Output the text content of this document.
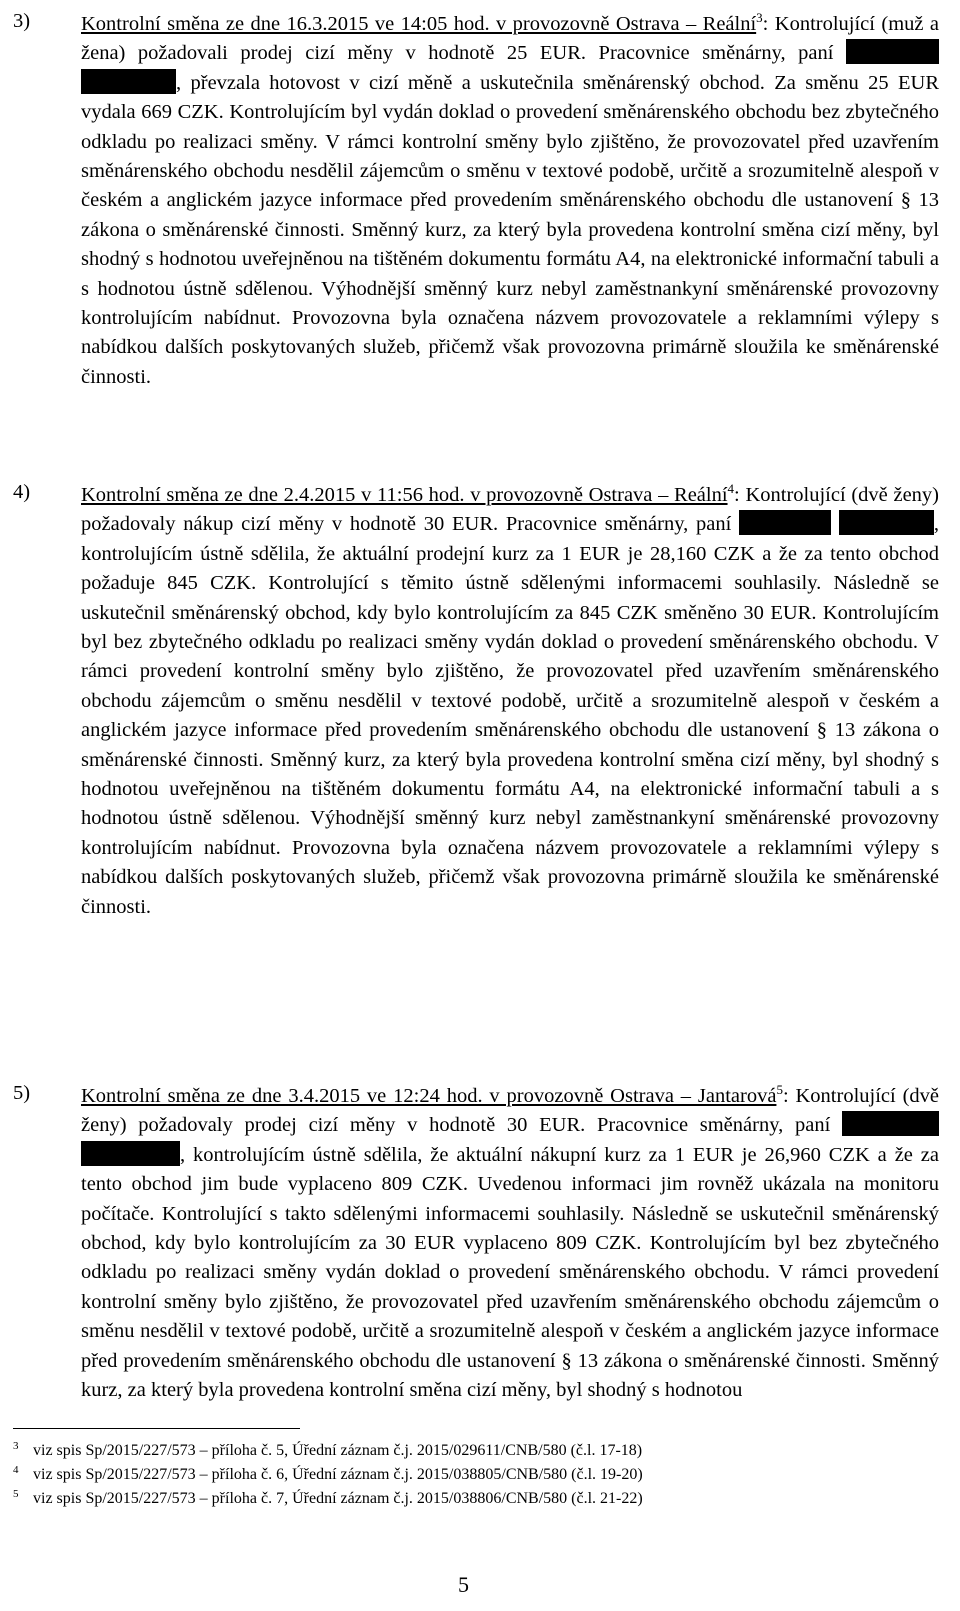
3) Kontrolní směna ze dne 16.3.2015 ve 14:05 hod. v provozovně Ostrava – Reální$^3$: Kontrolující (muž a žena) požadovali prodej cizí měny v hodnotě 25 EUR. Pracovnice směnárny, paní  , převzala hotovost v cizí měně a uskutečnila směnárenský obchod. Za směnu 25 EUR vydala 669 CZK. Kontrolujícím byl vydán doklad o provedení směnárenského obchodu bez zbytečného odkladu po realizaci směny. V rámci kontrolní směny bylo zjištěno, že provozovatel před uzavřením směnárenského obchodu nesdělil zájemcům o směnu v textové podobě, určitě a srozumitelně alespoň v českém a anglickém jazyce informace před provedením směnárenského obchodu dle ustanovení § 13 zákona o směnárenské činnosti. Směnný kurz, za který byla provedena kontrolní směna cizí měny, byl shodný s hodnotou uveřejněnou na tištěném dokumentu formátu A4, na elektronické informační tabuli a s hodnotou ústně sdělenou. Výhodnější směnný kurz nebyl zaměstnankyní směnárenské provozovny kontrolujícím nabídnut. Provozovna byla označena názvem provozovatele a reklamními výlepy s nabídkou dalších poskytovaných služeb, přičemž však provozovna primárně sloužila ke směnárenské činnosti.
4) Kontrolní směna ze dne 2.4.2015 v 11:56 hod. v provozovně Ostrava – Reální$^4$: Kontrolující (dvě ženy) požadovaly nákup cizí měny v hodnotě 30 EUR. Pracovnice směnárny, paní	, kontrolujícím ústně sdělila, že aktuální prodejní kurz za 1 EUR je 28,160 CZK a že za tento obchod požaduje 845 CZK. Kontrolující s těmito ústně sdělenými informacemi souhlasily. Následně se uskutečnil směnárenský obchod, kdy bylo kontrolujícím za 845 CZK směněno 30 EUR. Kontrolujícím byl bez zbytečného odkladu po realizaci směny vydán doklad o provedení směnárenského obchodu. V rámci provedení kontrolní směny bylo zjištěno, že provozovatel před uzavřením směnárenského obchodu zájemcům o směnu nesdělil v textové podobě, určitě a srozumitelně alespoň v českém a anglickém jazyce informace před provedením směnárenského obchodu dle ustanovení § 13 zákona o směnárenské činnosti. Směnný kurz, za který byla provedena kontrolní směna cizí měny, byl shodný s hodnotou uveřejněnou na tištěném dokumentu formátu A4, na elektronické informační tabuli a s hodnotou ústně sdělenou. Výhodnější směnný kurz nebyl zaměstnankyní směnárenské provozovny kontrolujícím nabídnut. Provozovna byla označena názvem provozovatele a reklamními výlepy s nabídkou dalších poskytovaných služeb, přičemž však provozovna primárně sloužila ke směnárenské činnosti.
5) Kontrolní směna ze dne 3.4.2015 ve 12:24 hod. v provozovně Ostrava – Jantarová$^5$: Kontrolující (dvě ženy) požadovaly prodej cizí měny v hodnotě 30 EUR. Pracovnice směnárny, paní  , kontrolujícím ústně sdělila, že aktuální nákupní kurz za 1 EUR je 26,960 CZK a že za tento obchod jim bude vyplaceno 809 CZK. Uvedenou informaci jim rovněž ukázala na monitoru počítače. Kontrolující s takto sdělenými informacemi souhlasily. Následně se uskutečnil směnárenský obchod, kdy bylo kontrolujícím za 30 EUR vyplaceno 809 CZK. Kontrolujícím byl bez zbytečného odkladu po realizaci směny vydán doklad o provedení směnárenského obchodu. V rámci provedení kontrolní směny bylo zjištěno, že provozovatel před uzavřením směnárenského obchodu zájemcům o směnu nesdělil v textové podobě, určitě a srozumitelně alespoň v českém a anglickém jazyce informace před provedením směnárenského obchodu dle ustanovení § 13 zákona o směnárenské činnosti. Směnný kurz, za který byla provedena kontrolní směna cizí měny, byl shodný s hodnotou
$^3$ viz spis Sp/2015/227/573 – příloha č. 5, Úřední záznam č.j. 2015/029611/CNB/580 (č.l. 17-18)
$^4$ viz spis Sp/2015/227/573 – příloha č. 6, Úřední záznam č.j. 2015/038805/CNB/580 (č.l. 19-20)
$^5$ viz spis Sp/2015/227/573 – příloha č. 7, Úřední záznam č.j. 2015/038806/CNB/580 (č.l. 21-22)
5
